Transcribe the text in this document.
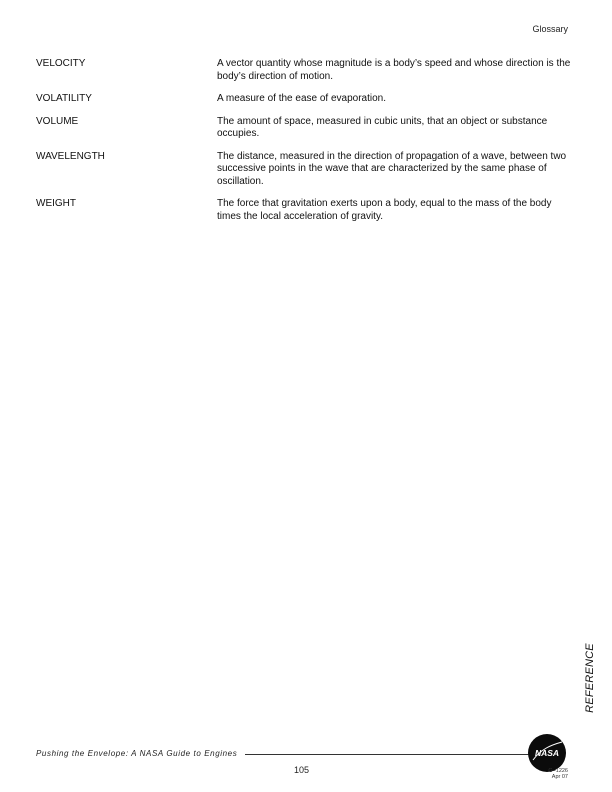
Glossary
VELOCITY	A vector quantity whose magnitude is a body’s speed and whose direction is the body’s direction of motion.
VOLATILITY	A measure of the ease of evaporation.
VOLUME	The amount of space, measured in cubic units, that an object or substance occupies.
WAVELENGTH	The distance, measured in the direction of propagation of a wave, between two successive points in the wave that are characterized by the same phase of oscillation.
WEIGHT	The force that gravitation exerts upon a body, equal to the mass of the body times the local acceleration of gravity.
REFERENCE
Pushing the Envelope: A NASA Guide to Engines	NASA
105	G–1226
Apr 07
